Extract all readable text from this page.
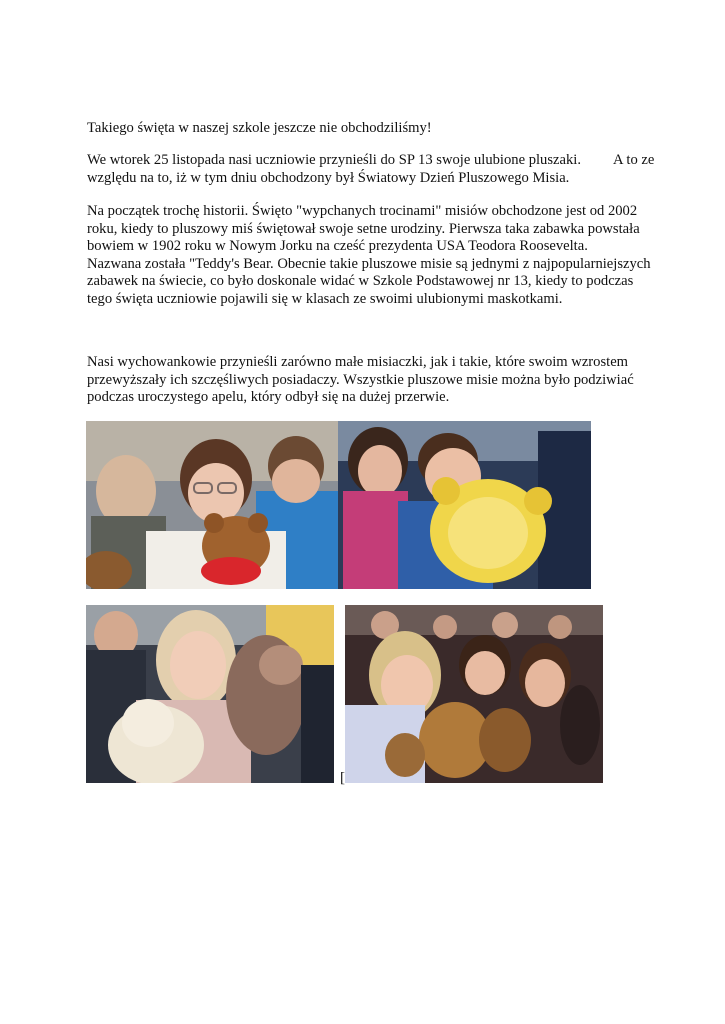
Takiego święta w naszej szkole jeszcze nie obchodziliśmy!

We wtorek 25 listopada nasi uczniowie przynieśli do SP 13 swoje ulubione pluszaki.         A to ze względu na to, iż w tym dniu obchodzony był Światowy Dzień Pluszowego Misia.

Na początek trochę historii. Święto "wypchanych trocinami" misiów obchodzone jest od 2002 roku, kiedy to pluszowy miś świętował swoje setne urodziny. Pierwsza taka zabawka powstała bowiem w 1902 roku w Nowym Jorku na cześć prezydenta USA Teodora Roosevelta.
Nazwana została "Teddy's Bear. Obecnie takie pluszowe misie są jednymi z najpopularniejszych zabawek na świecie, co było doskonale widać w Szkole Podstawowej nr 13, kiedy to podczas tego święta uczniowie pojawili się w klasach ze swoimi ulubionymi maskotkami.

Nasi wychowankowie przynieśli zarówno małe misiaczki, jak i takie, które swoim wzrostem przewyższały ich szczęśliwych posiadaczy. Wszystkie pluszowe misie można było podziwiać podczas uroczystego apelu, który odbył się na dużej przerwie.

[
